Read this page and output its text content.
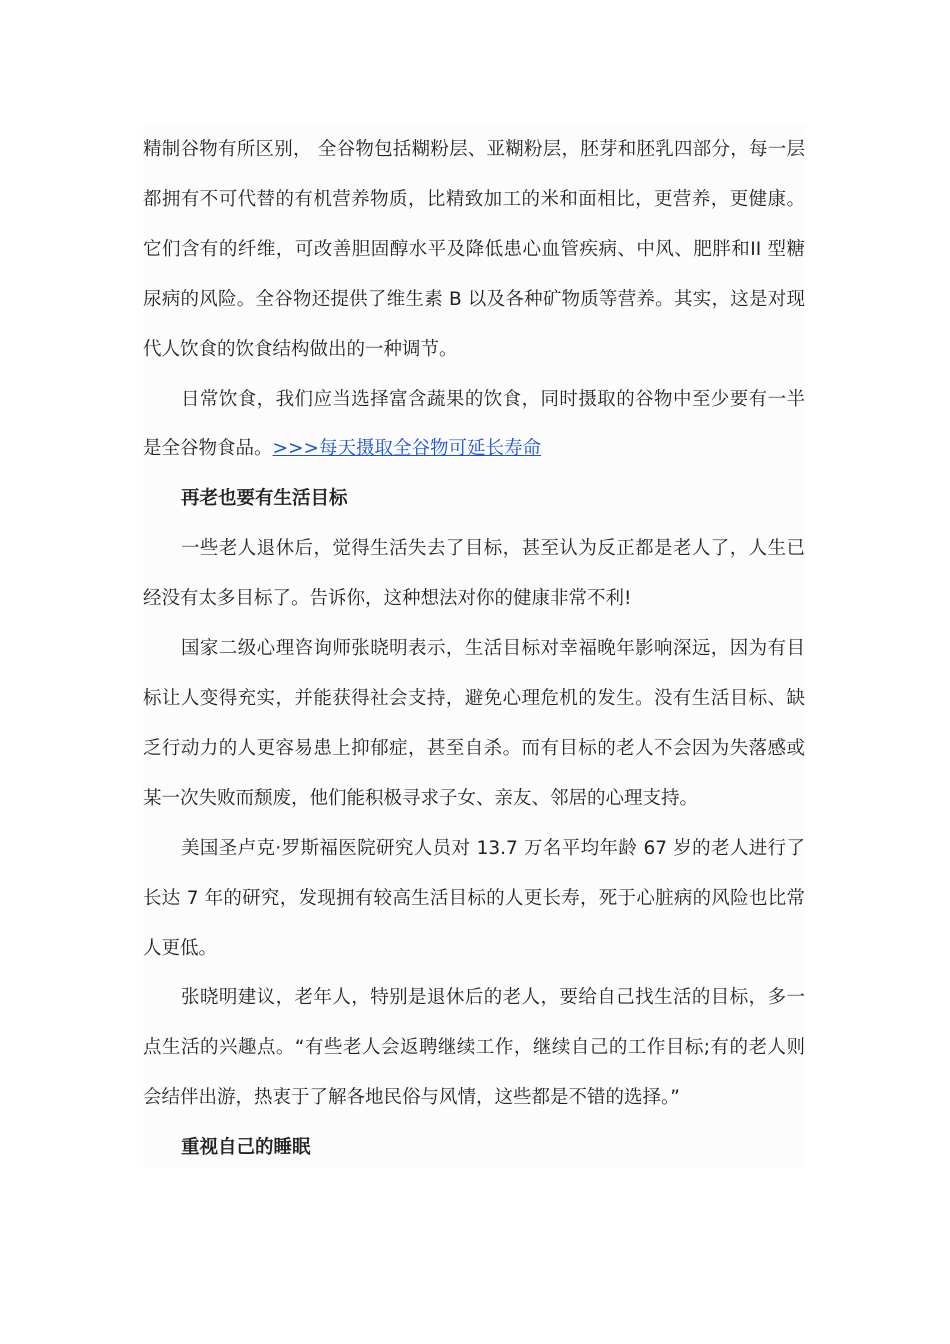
精制谷物有所区别， 全谷物包括糊粉层、亚糊粉层，胚芽和胚乳四部分，每一层都拥有不可代替的有机营养物质，比精致加工的米和面相比，更营养，更健康。它们含有的纤维，可改善胆固醇水平及降低患心血管疾病、中风、肥胖和II 型糖尿病的风险。全谷物还提供了维生素 B 以及各种矿物质等营养。其实，这是对现代人饮食的饮食结构做出的一种调节。

日常饮食，我们应当选择富含蔬果的饮食，同时摄取的谷物中至少要有一半是全谷物食品。>>>每天摄取全谷物可延长寿命

再老也要有生活目标

一些老人退休后，觉得生活失去了目标，甚至认为反正都是老人了，人生已经没有太多目标了。告诉你，这种想法对你的健康非常不利!

国家二级心理咨询师张晓明表示，生活目标对幸福晚年影响深远，因为有目标让人变得充实，并能获得社会支持，避免心理危机的发生。没有生活目标、缺乏行动力的人更容易患上抑郁症，甚至自杀。而有目标的老人不会因为失落感或某一次失败而颓废，他们能积极寻求子女、亲友、邻居的心理支持。

美国圣卢克·罗斯福医院研究人员对 13.7 万名平均年龄 67 岁的老人进行了长达 7 年的研究，发现拥有较高生活目标的人更长寿，死于心脏病的风险也比常人更低。

张晓明建议，老年人，特别是退休后的老人，要给自己找生活的目标，多一点生活的兴趣点。“有些老人会返聘继续工作，继续自己的工作目标;有的老人则会结伴出游，热衷于了解各地民俗与风情，这些都是不错的选择。”

重视自己的睡眠
